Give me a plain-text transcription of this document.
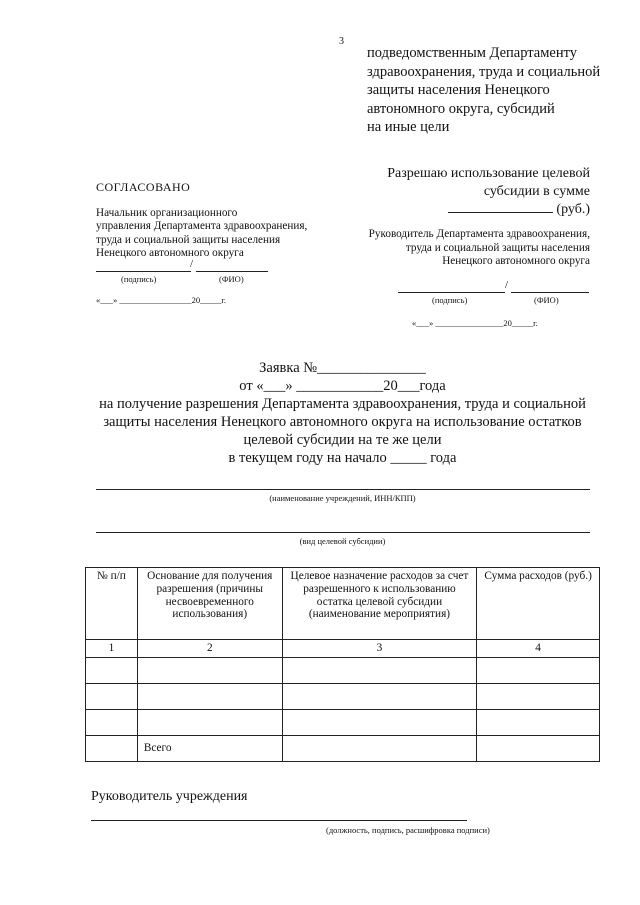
3
подведомственным Департаменту
здравоохранения, труда и социальной
защиты населения Ненецкого
автономного округа, субсидий
на иные цели
СОГЛАСОВАНО
Начальник организационного
управления Департамента здравоохранения,
труда и социальной защиты населения
Ненецкого автономного округа
/
(подпись)	(ФИО)
«___» _________________20_____г.
Разрешаю использование целевой
субсидии в сумме
(руб.)
Руководитель Департамента здравоохранения,
труда и социальной защиты населения
Ненецкого автономного округа
/
(подпись)	(ФИО)
«___» ________________20_____г.
Заявка №_______________
от «___» ____________20___года
на получение разрешения Департамента здравоохранения, труда и социальной
защиты населения Ненецкого автономного округа на использование остатков
целевой субсидии на те же цели
в текущем году на начало _____ года
(наименование учреждений, ИНН/КПП)
(вид целевой субсидии)
№ п/п	Основание для получения разрешения (причины несвоевременного использования)	Целевое назначение расходов за счет разрешенного к использованию остатка целевой субсидии (наименование мероприятия)	Сумма расходов (руб.)
1	2	3	4

	Всего		
Руководитель учреждения
(должность, подпись, расшифровка подписи)
